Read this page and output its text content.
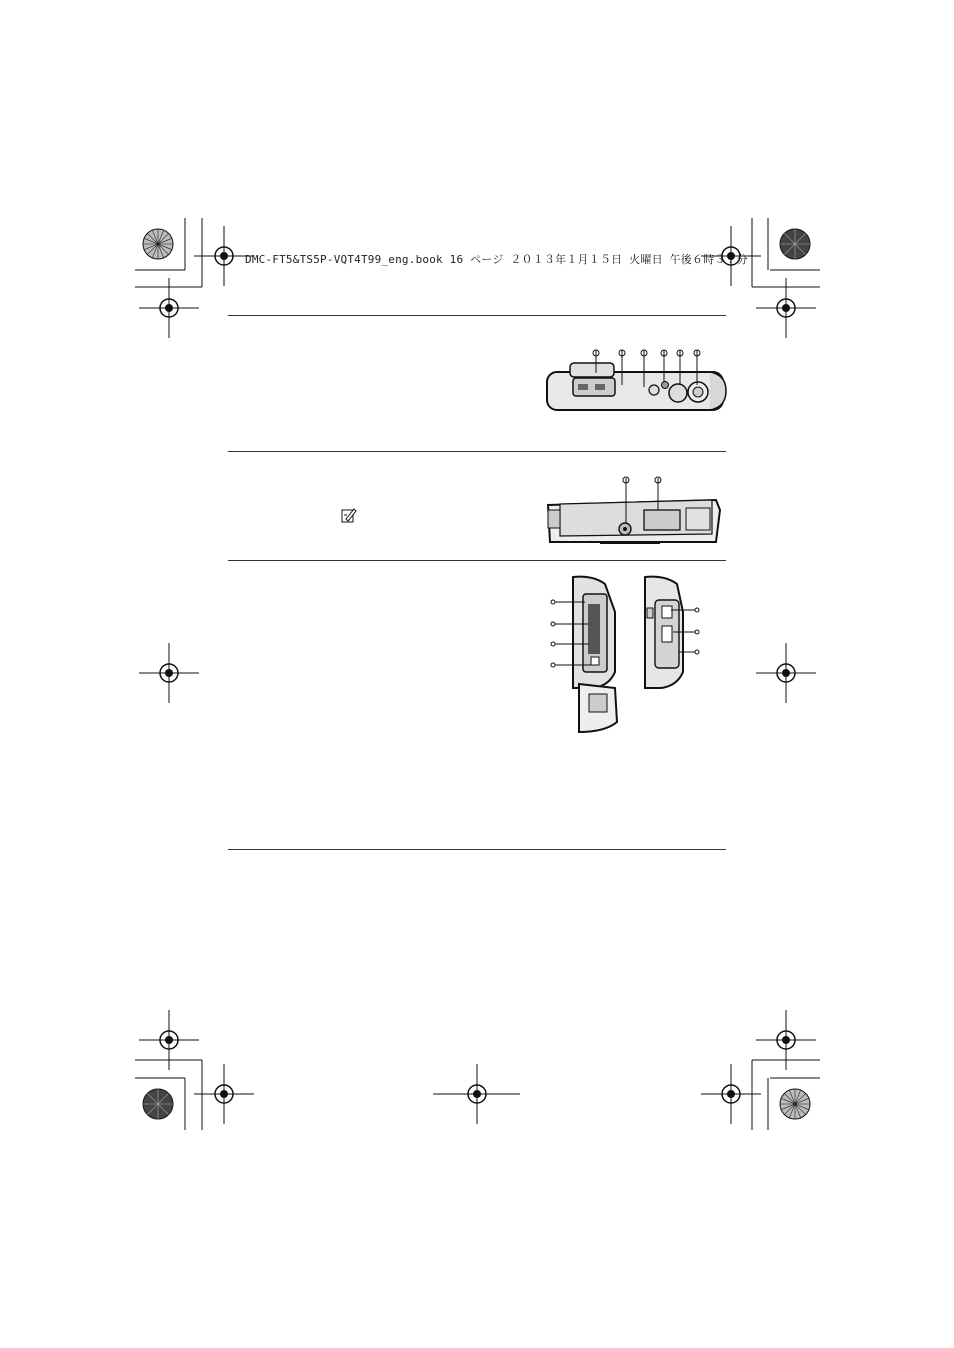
DMC-FT5&TS5P-VQT4T99_eng.book 16 ページ ２０１３年１月１５日 火曜日 午後６時３７分
